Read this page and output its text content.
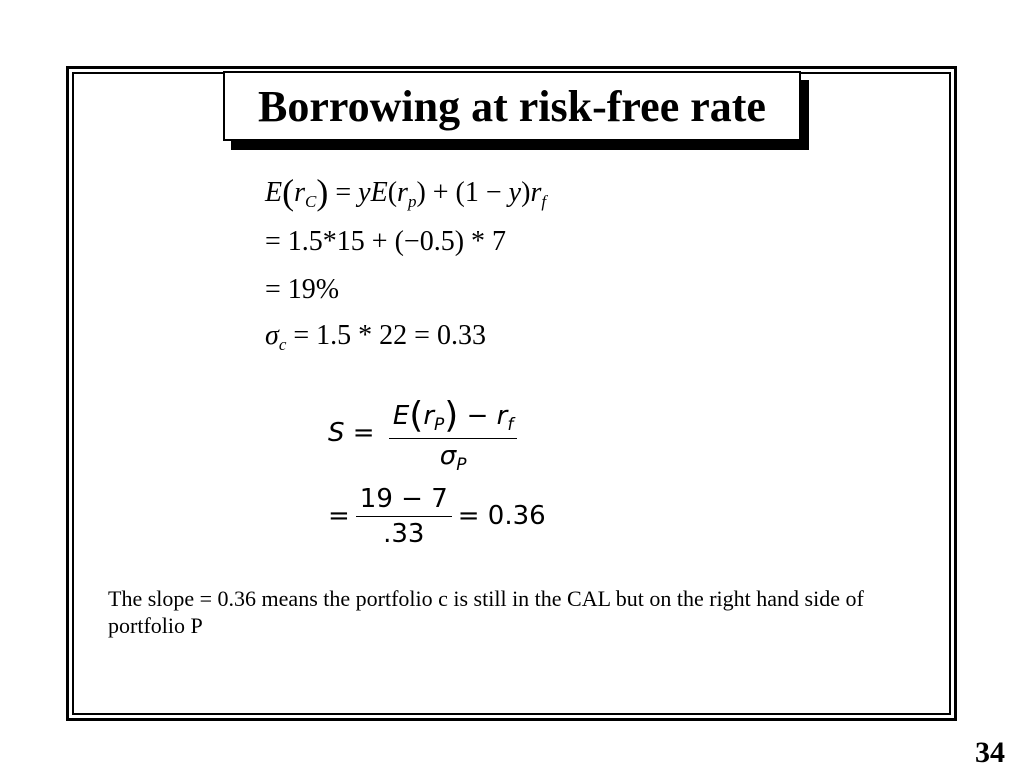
Borrowing at risk-free rate
$E(r_C) = yE(r_p) + (1 - y)r_f$
= 1.5*15 + (−0.5) * 7
= 19%
$\sigma_c = 1.5 * 22 = 0.33$
$S = \frac{E(r_P) - r_f}{\sigma_P}$
= $\frac{19 - 7}{.33} = 0.36$
The slope = 0.36 means the portfolio c is still in the CAL but on the right hand side of portfolio P
34
